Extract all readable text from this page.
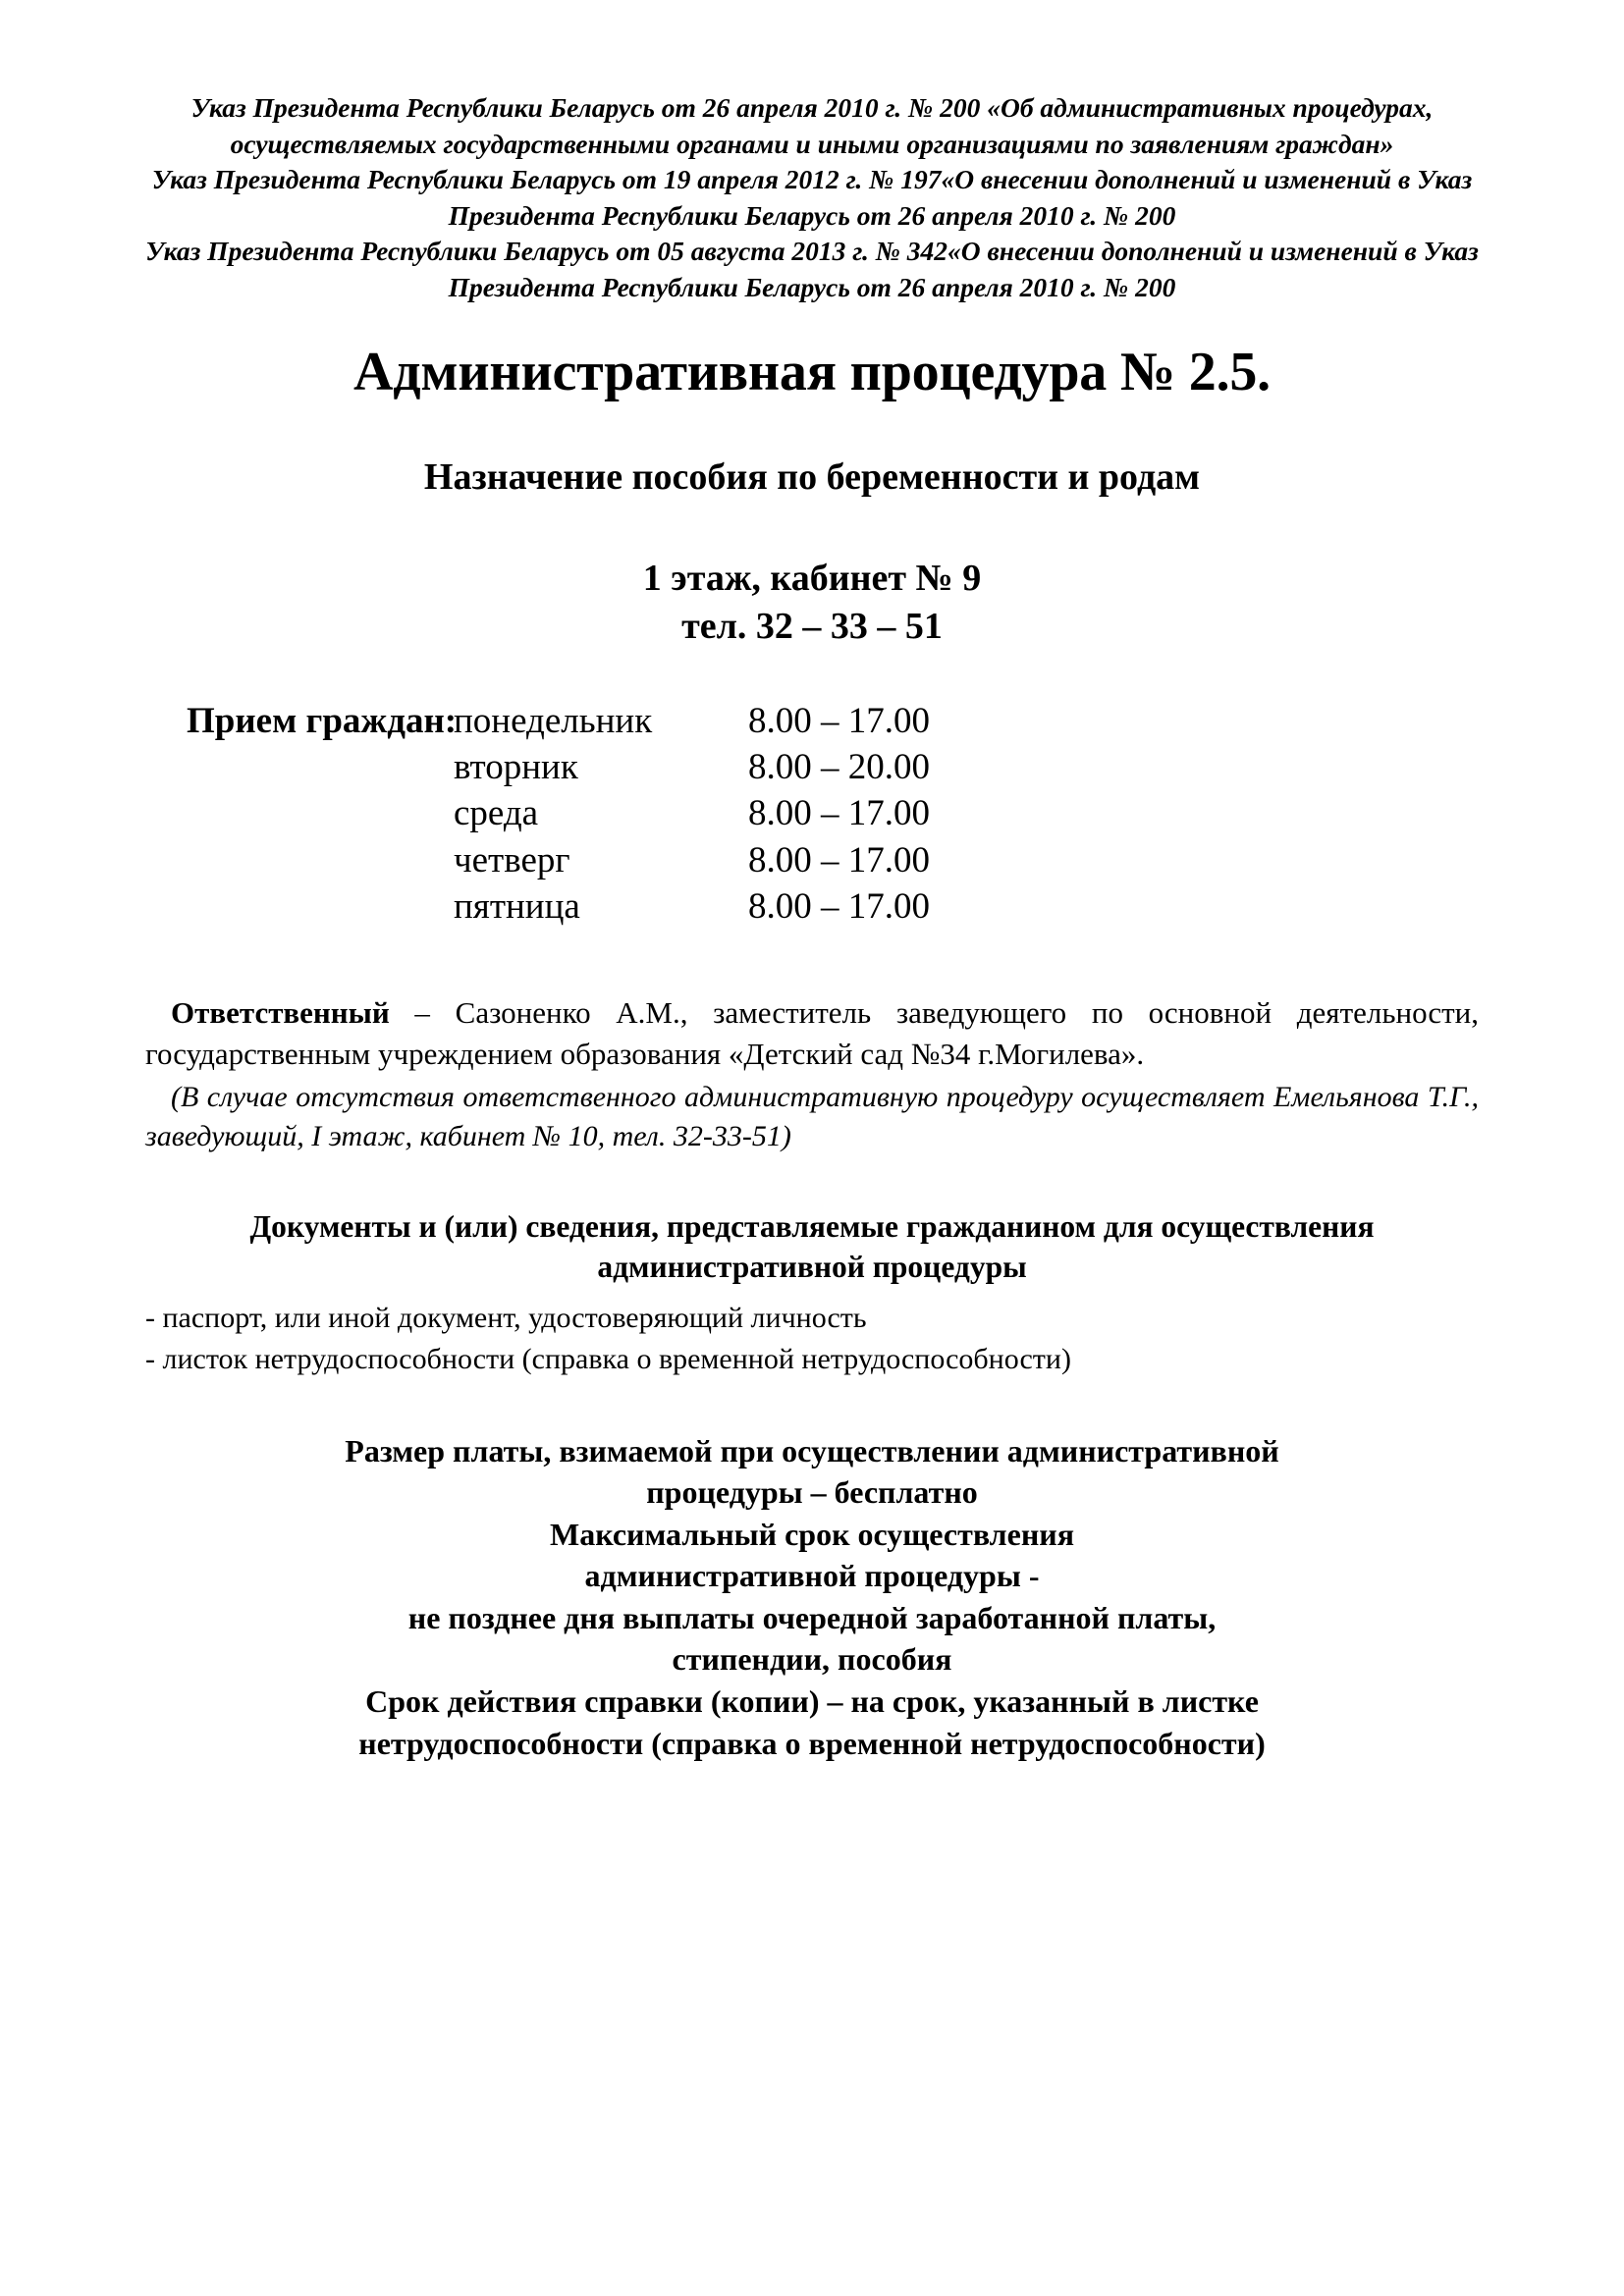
Указ Президента Республики Беларусь от 26 апреля 2010 г. № 200 «Об административных процедурах, осуществляемых государственными органами и иными организациями по заявлениям граждан»

Указ Президента Республики Беларусь от 19 апреля 2012 г. № 197«О внесении дополнений и изменений в Указ Президента Республики Беларусь от 26 апреля 2010 г. № 200

Указ Президента Республики Беларусь от 05 августа 2013 г. № 342«О внесении дополнений и изменений в Указ Президента Республики Беларусь от 26 апреля 2010 г. № 200

Административная процедура № 2.5.
Назначение пособия по беременности и родам

1 этаж, кабинет № 9

тел. 32 – 33 – 51

Прием граждан:
понедельник	8.00 – 17.00
вторник	8.00 – 20.00
среда	8.00 – 17.00
четверг	8.00 – 17.00
пятница	8.00 – 17.00

Ответственный – Сазоненко А.М., заместитель заведующего по основной деятельности, государственным учреждением образования «Детский сад №34 г.Могилева».

(В случае отсутствия ответственного административную процедуру осуществляет Емельянова Т.Г., заведующий, I этаж, кабинет № 10, тел. 32-33-51)

Документы и (или) сведения, представляемые гражданином для осуществления административной процедуры
- паспорт, или иной документ, удостоверяющий личность
- листок нетрудоспособности (справка о временной нетрудоспособности)

Размер платы, взимаемой при осуществлении административной

процедуры – бесплатно

Максимальный срок осуществления

административной процедуры -

не позднее дня выплаты очередной заработанной платы,

стипендии, пособия

Срок действия справки (копии) – на срок, указанный в листке

нетрудоспособности (справка о временной нетрудоспособности)
